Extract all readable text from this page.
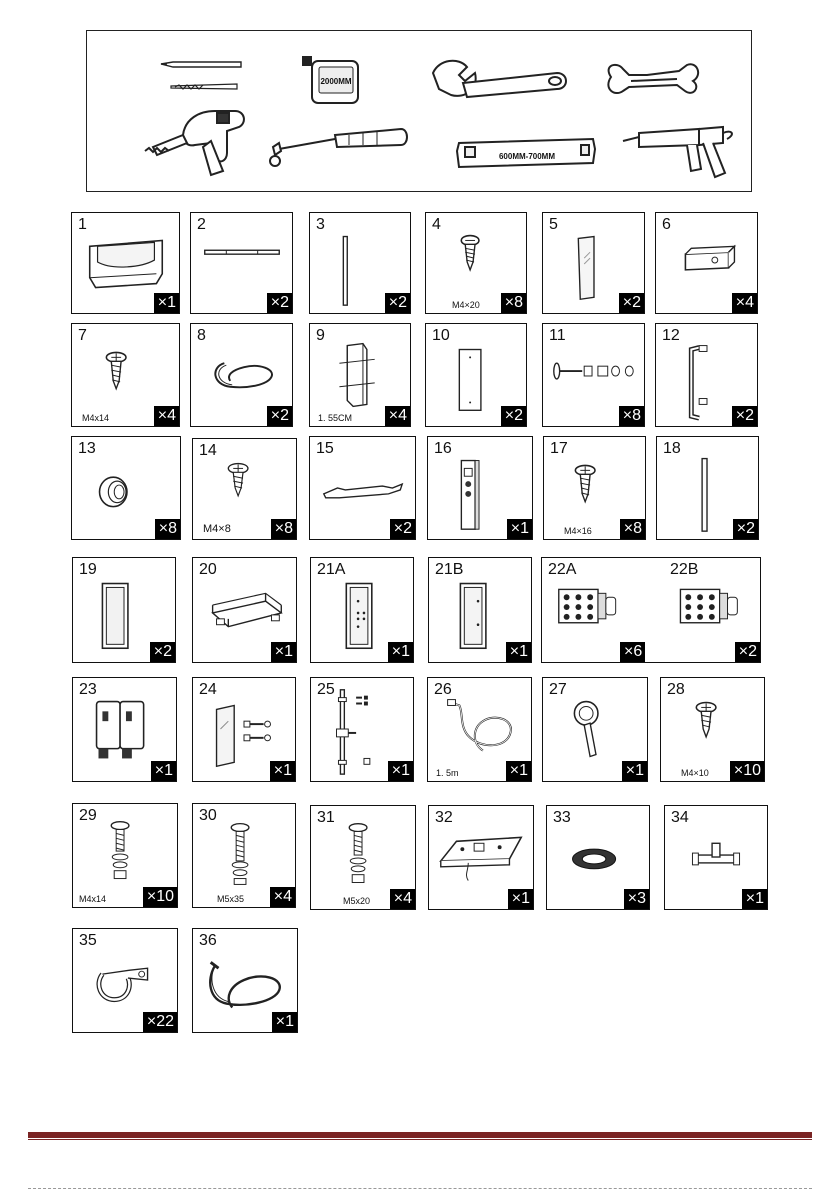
2000MM
600MM-700MM
1
×1
2
×2
3
×2
4
M4×20 ×8
5
×2
6
×4
7
M4x14	×4
8
×2
9
1. 55CM ×4
10
×2
11
×8
12
×2
13
×8
14
M4×8	×8
15
×2
16
×1
17
M4×16 ×8
18
×2
19
×2
20
×1
21A
×1
21B
×1
22A	22B
×6	×2
23
×1
24
×1
25
×1
26
1. 5m	×1
27
×1
28
M4×10 ×10
29
M4x14	×10
30
M5x35 ×4
31
M5x20 ×4
32
×1
33
×3
34
×1
35
×22
36
×1
